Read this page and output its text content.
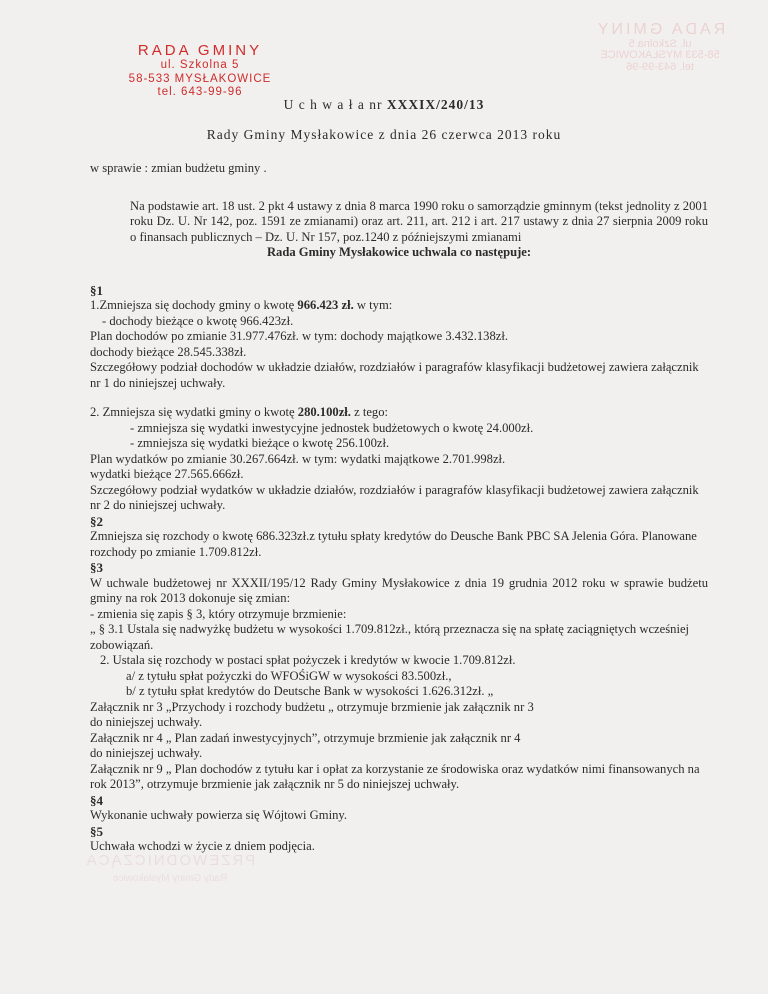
RADA GMINY
ul. Szkolna 5
58-533 MYSŁAKOWICE
tel. 643-99-96
RADA GMINY
ul. Szkolna 5
58-533 MYSŁAKOWICE
tel. 643-99-96
U c h w a ł a nr XXXIX/240/13
Rady Gminy Mysłakowice z dnia 26 czerwca 2013 roku

w sprawie : zmian budżetu gminy .

Na podstawie art. 18 ust. 2 pkt 4 ustawy z dnia 8 marca 1990 roku o samorządzie gminnym (tekst jednolity z 2001 roku Dz. U. Nr 142, poz. 1591 ze zmianami) oraz art. 211, art. 212 i art. 217 ustawy z dnia 27 sierpnia 2009 roku o finansach publicznych – Dz. U. Nr 157, poz.1240 z późniejszymi zmianami

Rada Gminy Mysłakowice uchwala co następuje:

§1

1.Zmniejsza się dochody gminy o kwotę 966.423 zł. w tym:

- dochody bieżące o kwotę 966.423zł.

Plan dochodów po zmianie 31.977.476zł. w tym: dochody majątkowe 3.432.138zł.

dochody bieżące 28.545.338zł.

Szczegółowy podział dochodów w układzie działów, rozdziałów i paragrafów klasyfikacji budżetowej zawiera załącznik nr 1 do niniejszej uchwały.

2. Zmniejsza się wydatki gminy o kwotę 280.100zł. z tego:

- zmniejsza się wydatki inwestycyjne jednostek budżetowych o kwotę 24.000zł.

- zmniejsza się wydatki bieżące o kwotę 256.100zł.

Plan wydatków po zmianie 30.267.664zł. w tym: wydatki majątkowe 2.701.998zł.

wydatki bieżące 27.565.666zł.

Szczegółowy podział wydatków w układzie działów, rozdziałów i paragrafów klasyfikacji budżetowej zawiera załącznik nr 2 do niniejszej uchwały.

§2

Zmniejsza się rozchody o kwotę 686.323zł.z tytułu spłaty kredytów do Deusche Bank PBC SA Jelenia Góra. Planowane rozchody po zmianie 1.709.812zł.

§3

W uchwale budżetowej nr XXXII/195/12 Rady Gminy Mysłakowice z dnia 19 grudnia 2012 roku w sprawie budżetu gminy na rok 2013 dokonuje się zmian:

- zmienia się zapis § 3, który otrzymuje brzmienie:

„ § 3.1 Ustala się nadwyżkę budżetu w wysokości 1.709.812zł., którą przeznacza się na spłatę zaciągniętych wcześniej zobowiązań.

2. Ustala się rozchody w postaci spłat pożyczek i kredytów w kwocie 1.709.812zł.

a/ z tytułu spłat pożyczki do WFOŚiGW w wysokości 83.500zł.,

b/ z tytułu spłat kredytów do Deutsche Bank w wysokości 1.626.312zł. „

Załącznik nr 3 „Przychody i rozchody budżetu „ otrzymuje brzmienie jak załącznik nr 3

do niniejszej uchwały.

Załącznik nr 4 „ Plan zadań inwestycyjnych”, otrzymuje brzmienie jak załącznik nr 4

do niniejszej uchwały.

Załącznik nr 9 „ Plan dochodów z tytułu kar i opłat za korzystanie ze środowiska oraz wydatków nimi finansowanych na rok 2013”, otrzymuje brzmienie jak załącznik nr 5 do niniejszej uchwały.

§4

Wykonanie uchwały powierza się Wójtowi Gminy.

§5

Uchwała wchodzi w życie z dniem podjęcia.

PRZEWODNICZĄCA
Rady Gminy Mysłakowice
